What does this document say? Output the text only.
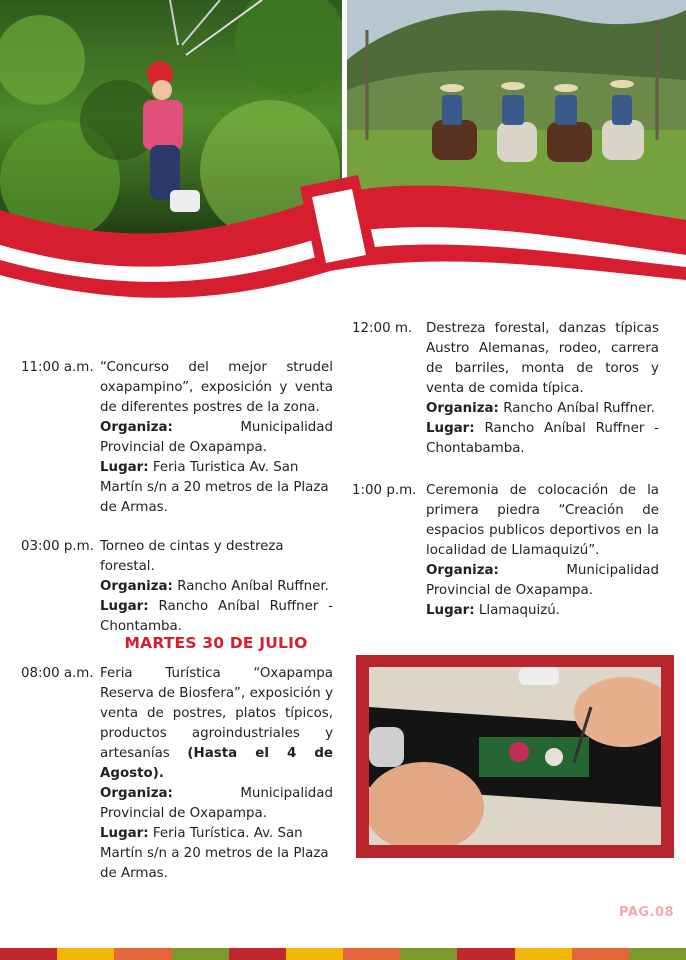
11:00 a.m. “Concurso del mejor strudel oxapampino”, exposición y venta de diferentes postres de la zona.

Organiza:	Municipalidad Provincial de Oxapampa.

Lugar: Feria Turistica Av. San Martín s/n a 20 metros de la Plaza de Armas.

03:00 p.m. Torneo de cintas y destreza forestal.

Organiza: Rancho Aníbal Ruffner.

Lugar: Rancho Aníbal Ruffner - Chontamba.

MARTES 30 DE JULIO
08:00 a.m. Feria Turística “Oxapampa Reserva de Biosfera”, exposición y venta de postres, platos típicos, productos agroindustriales y artesanías (Hasta el 4 de Agosto).

Organiza:	Municipalidad Provincial de Oxapampa.

Lugar: Feria Turística. Av. San Martín s/n a 20 metros de la Plaza de Armas.

12:00 m. Destreza forestal, danzas típicas Austro Alemanas, rodeo, carrera de barriles, monta de toros y venta de comida típica.

Organiza: Rancho Aníbal Ruffner.

Lugar: Rancho Aníbal Ruffner - Chontabamba.

1:00 p.m. Ceremonia de colocación de la primera piedra “Creación de espacios publicos deportivos en la localidad de Llamaquizú”.

Organiza:	Municipalidad Provincial de Oxapampa.

Lugar: Llamaquizú.

PAG.08
